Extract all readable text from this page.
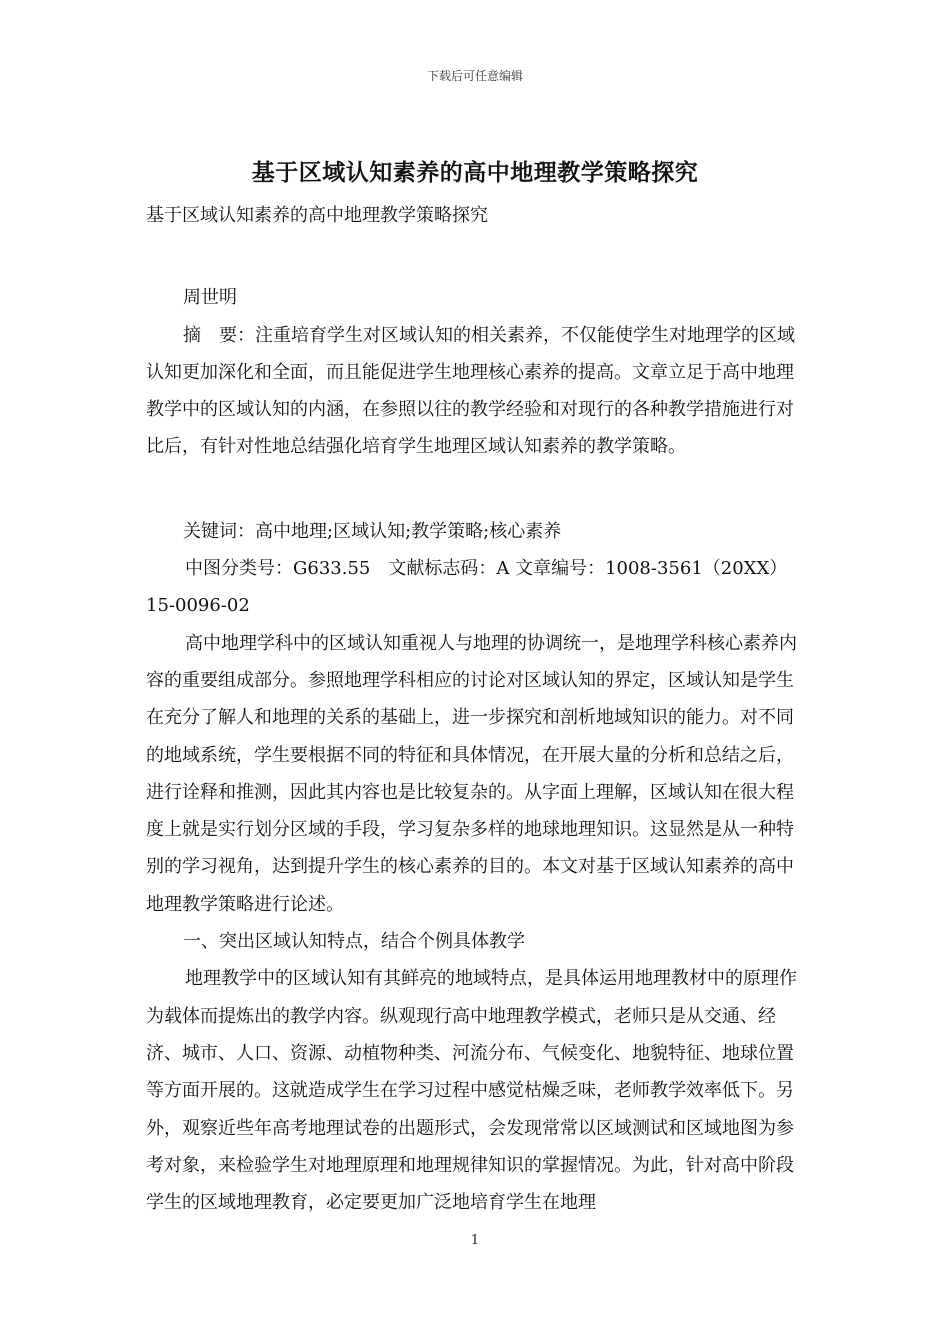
下载后可任意编辑
基于区域认知素养的高中地理教学策略探究

基于区域认知素养的高中地理教学策略探究

周世明

摘　要：注重培育学生对区域认知的相关素养，不仅能使学生对地理学的区域认知更加深化和全面，而且能促进学生地理核心素养的提高。文章立足于高中地理教学中的区域认知的内涵，在参照以往的教学经验和对现行的各种教学措施进行对比后，有针对性地总结强化培育学生地理区域认知素养的教学策略。

关键词：高中地理;区域认知;教学策略;核心素养

中图分类号：G633.55　文献标志码：A 文章编号：1008-3561（20XX）15-0096-02

高中地理学科中的区域认知重视人与地理的协调统一，是地理学科核心素养内容的重要组成部分。参照地理学科相应的讨论对区域认知的界定，区域认知是学生在充分了解人和地理的关系的基础上，进一步探究和剖析地域知识的能力。对不同的地域系统，学生要根据不同的特征和具体情况，在开展大量的分析和总结之后，进行诠释和推测，因此其内容也是比较复杂的。从字面上理解，区域认知在很大程度上就是实行划分区域的手段，学习复杂多样的地球地理知识。这显然是从一种特别的学习视角，达到提升学生的核心素养的目的。本文对基于区域认知素养的高中地理教学策略进行论述。

一、突出区域认知特点，结合个例具体教学

地理教学中的区域认知有其鲜亮的地域特点，是具体运用地理教材中的原理作为载体而提炼出的教学内容。纵观现行高中地理教学模式，老师只是从交通、经济、城市、人口、资源、动植物种类、河流分布、气候变化、地貌特征、地球位置等方面开展的。这就造成学生在学习过程中感觉枯燥乏味，老师教学效率低下。另外，观察近些年高考地理试卷的出题形式，会发现常常以区域测试和区域地图为参考对象，来检验学生对地理原理和地理规律知识的掌握情况。为此，针对高中阶段学生的区域地理教育，必定要更加广泛地培育学生在地理

1
